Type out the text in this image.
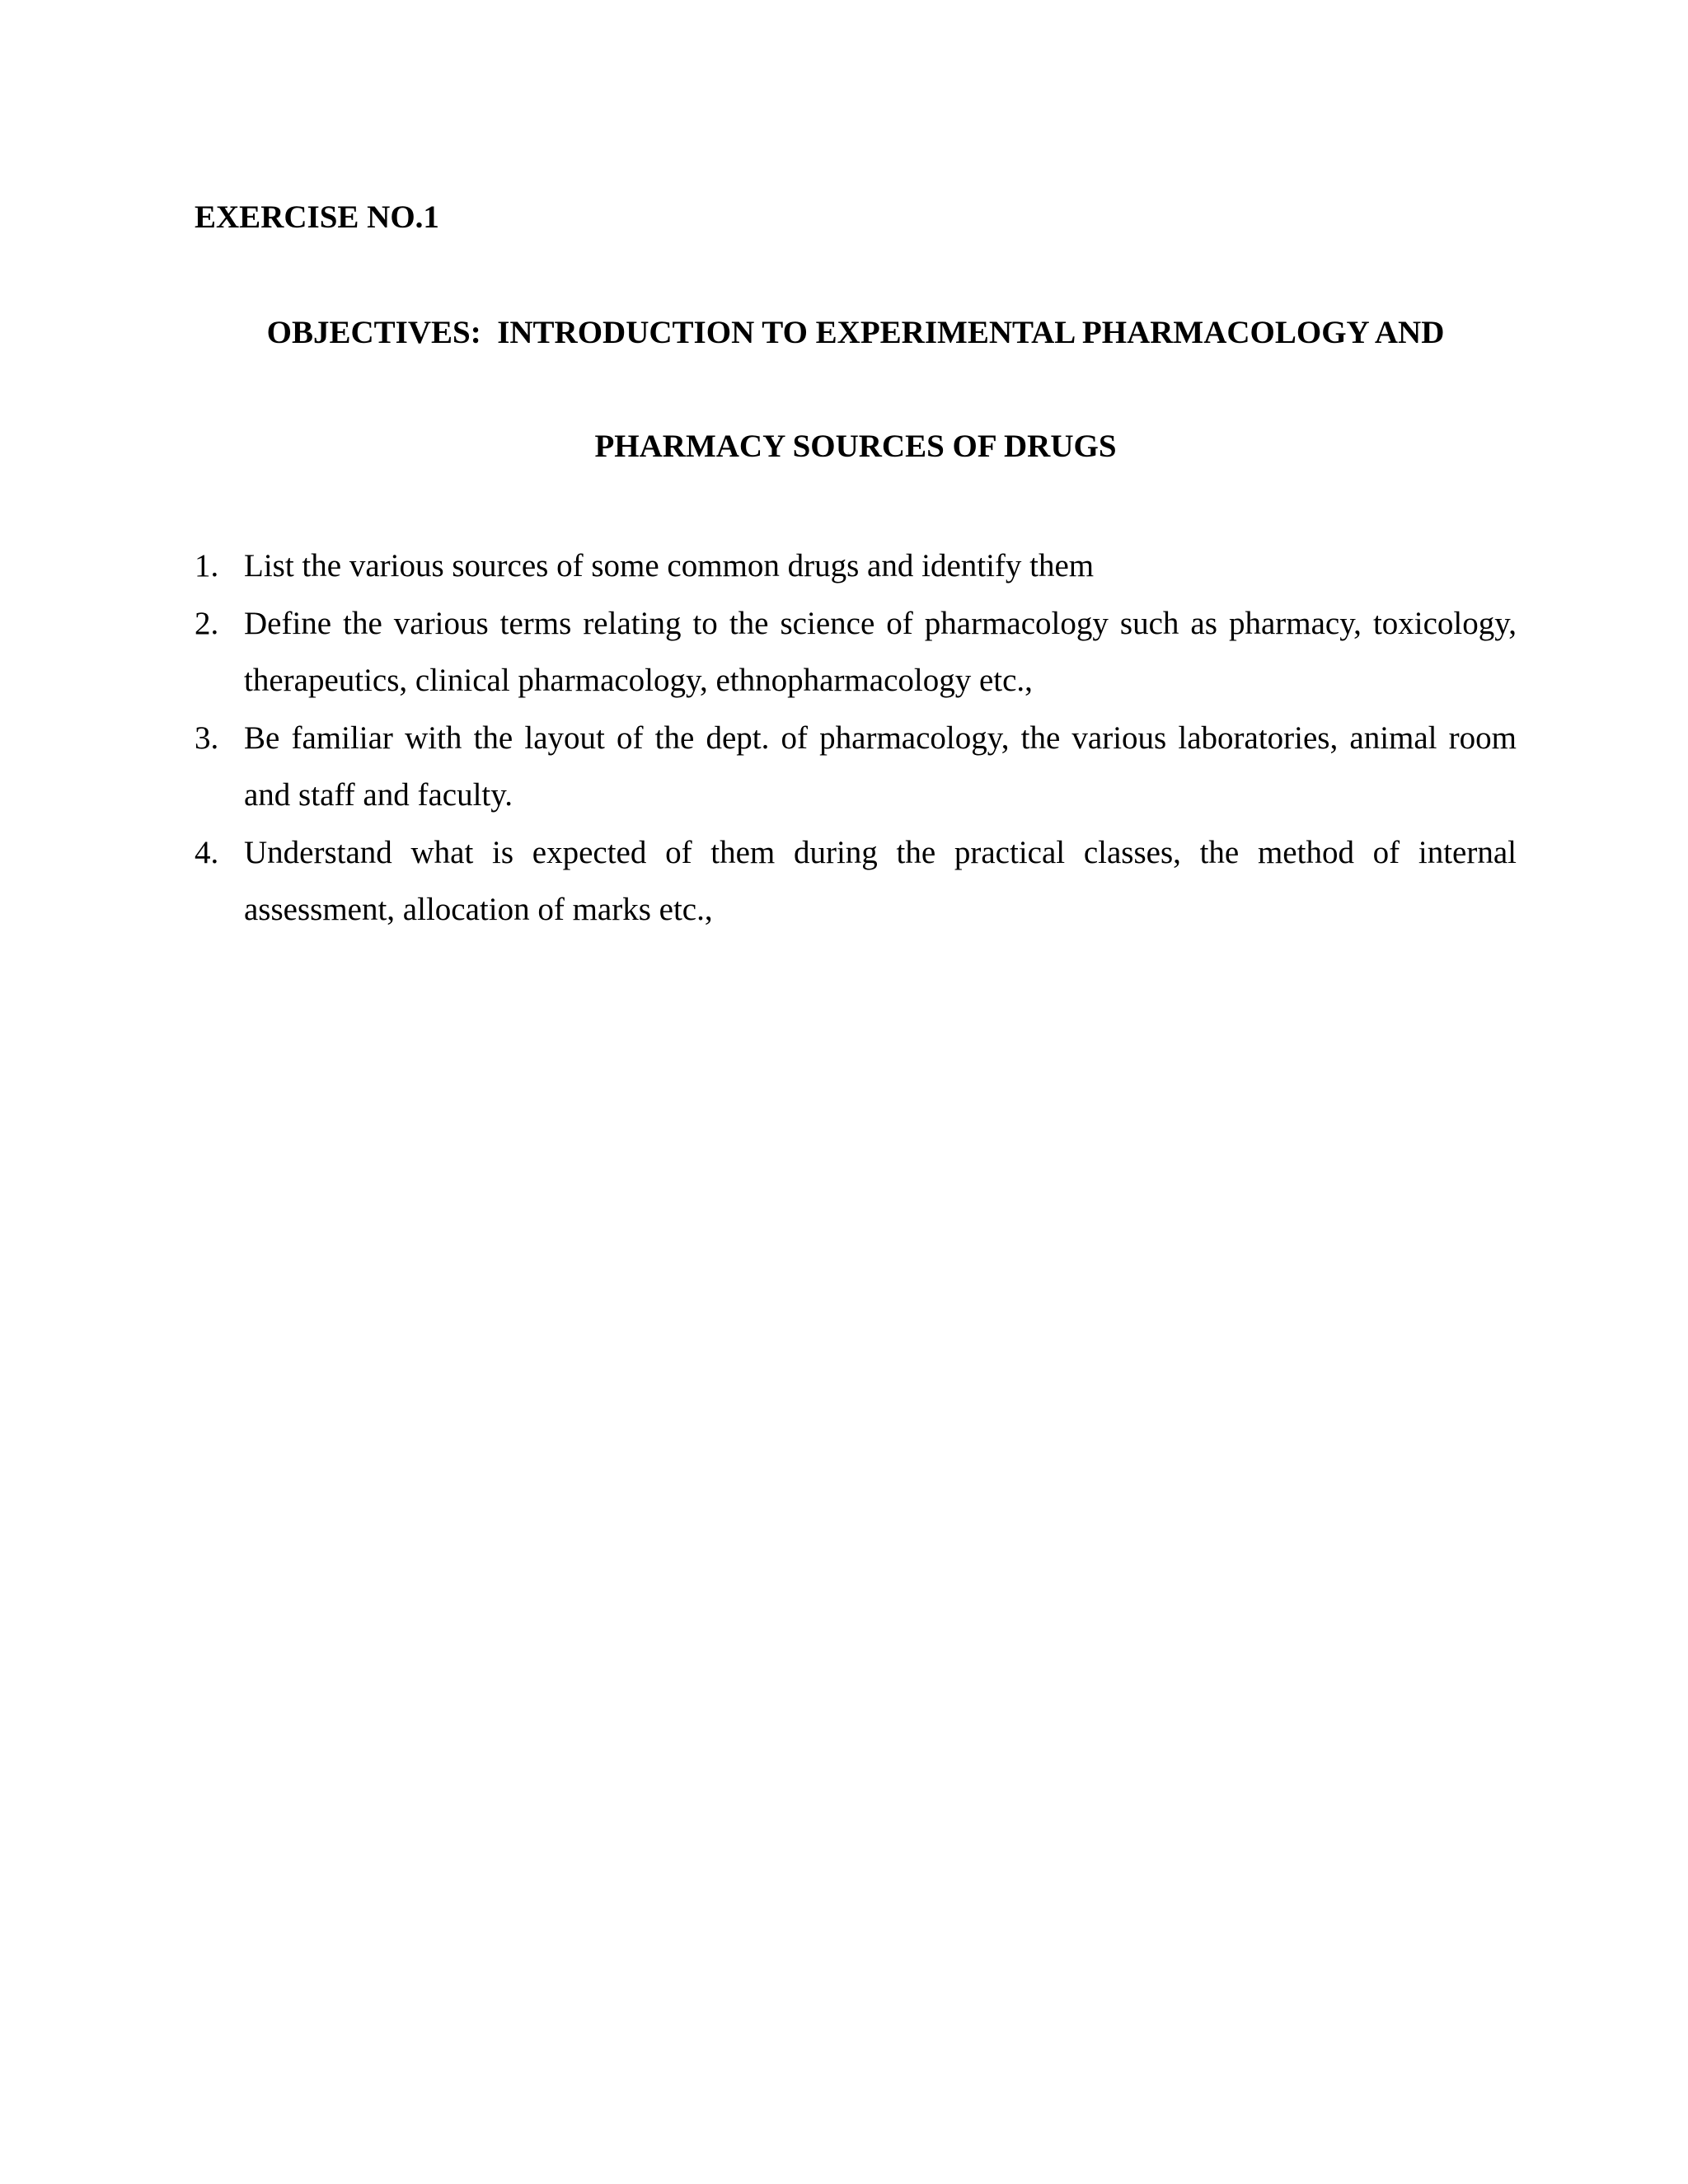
EXERCISE NO.1
OBJECTIVES:  INTRODUCTION TO EXPERIMENTAL PHARMACOLOGY AND
PHARMACY SOURCES OF DRUGS
1. List the various sources of some common drugs and identify them
2. Define the various terms relating to the science of pharmacology such as pharmacy, toxicology, therapeutics, clinical pharmacology, ethnopharmacology etc.,
3. Be familiar with the layout of the dept. of pharmacology, the various laboratories, animal room and staff and faculty.
4. Understand what is expected of them during the practical classes, the method of internal assessment, allocation of marks etc.,
